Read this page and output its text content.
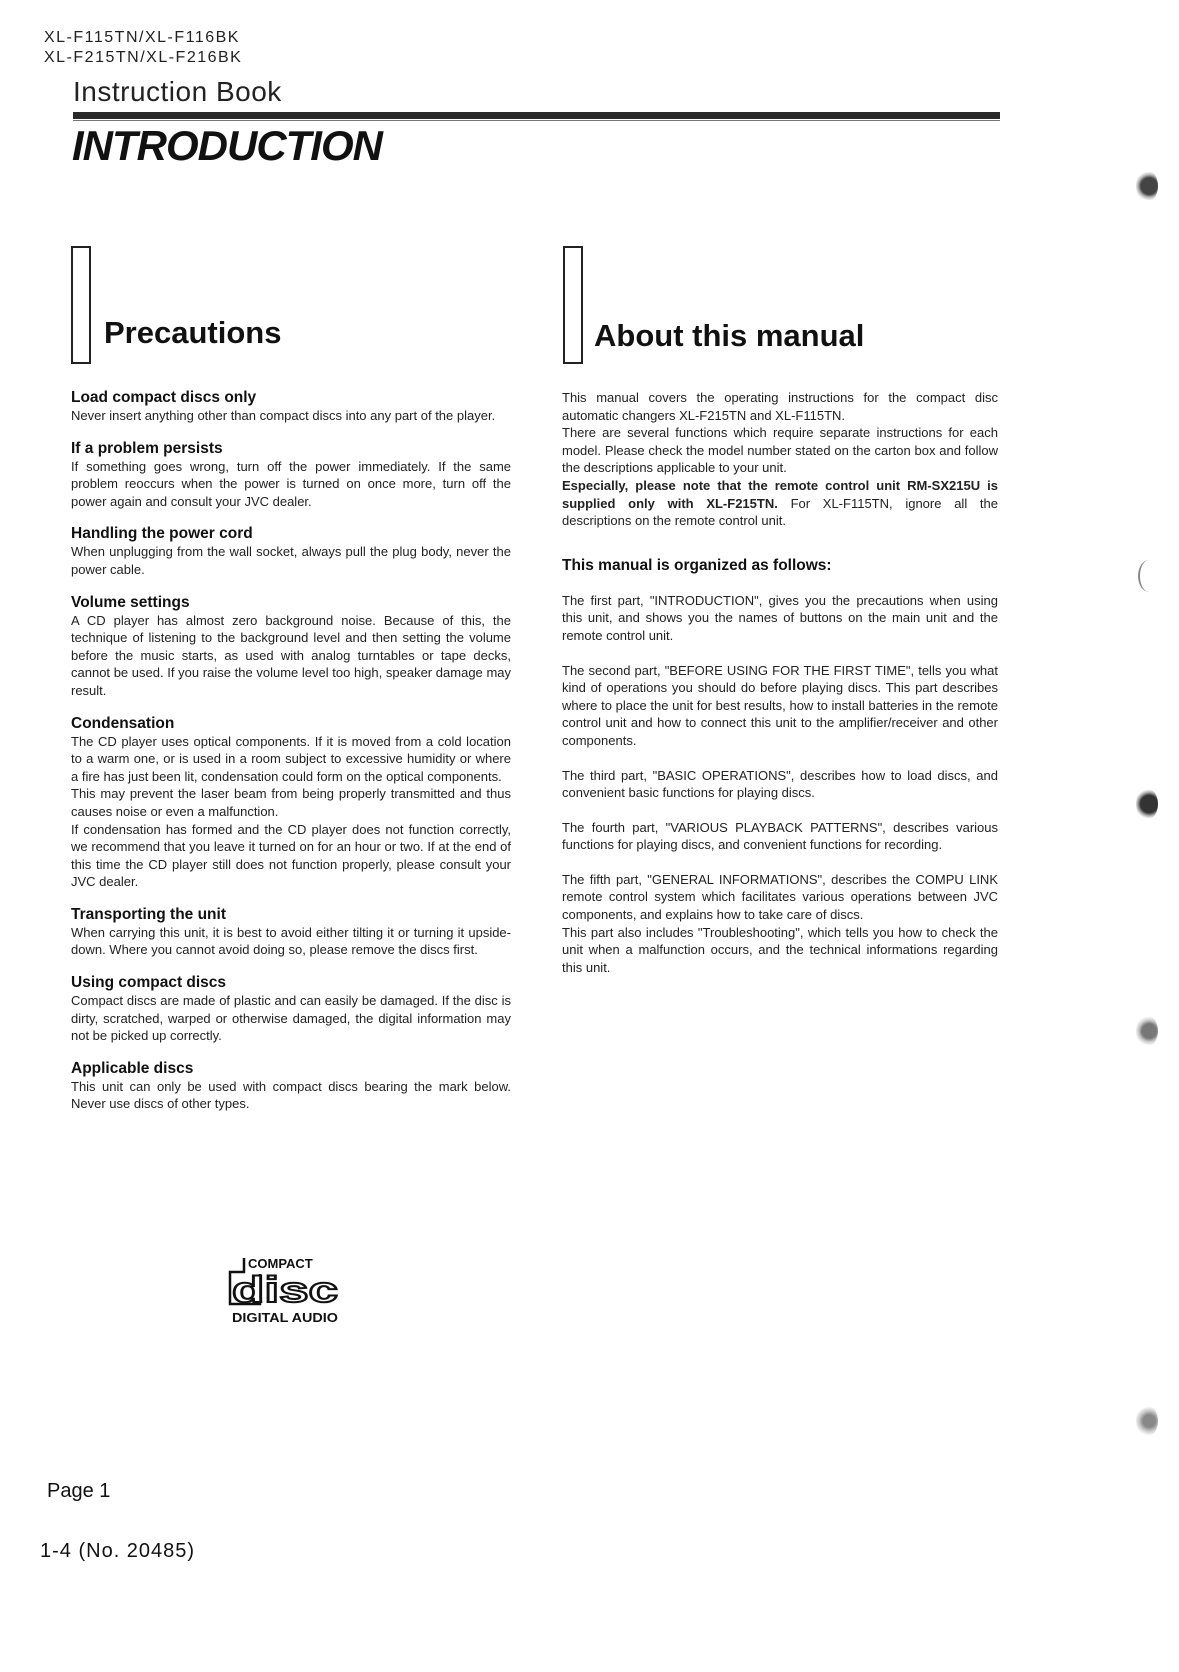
XL-F115TN/XL-F116BK
XL-F215TN/XL-F216BK
Instruction Book
INTRODUCTION
Precautions	About this manual
Load compact discs only

Never insert anything other than compact discs into any part of the player.

If a problem persists

If something goes wrong, turn off the power immediately. If the same problem reoccurs when the power is turned on once more, turn off the power again and consult your JVC dealer.

Handling the power cord

When unplugging from the wall socket, always pull the plug body, never the power cable.

Volume settings

A CD player has almost zero background noise. Because of this, the technique of listening to the background level and then setting the volume before the music starts, as used with analog turntables or tape decks, cannot be used. If you raise the volume level too high, speaker damage may result.

Condensation

The CD player uses optical components. If it is moved from a cold location to a warm one, or is used in a room subject to excessive humidity or where a fire has just been lit, condensation could form on the optical components.

This may prevent the laser beam from being properly transmitted and thus causes noise or even a malfunction.

If condensation has formed and the CD player does not function correctly, we recommend that you leave it turned on for an hour or two. If at the end of this time the CD player still does not function properly, please consult your JVC dealer.

Transporting the unit

When carrying this unit, it is best to avoid either tilting it or turning it upside-down. Where you cannot avoid doing so, please remove the discs first.

Using compact discs

Compact discs are made of plastic and can easily be damaged. If the disc is dirty, scratched, warped or otherwise damaged, the digital information may not be picked up correctly.

Applicable discs

This unit can only be used with compact discs bearing the mark below. Never use discs of other types.

COMPACT
disc
DIGITAL AUDIO

This manual covers the operating instructions for the compact disc automatic changers XL-F215TN and XL-F115TN.
There are several functions which require separate instructions for each model. Please check the model number stated on the carton box and follow the descriptions applicable to your unit.
Especially, please note that the remote control unit RM-SX215U is supplied only with XL-F215TN. For XL-F115TN, ignore all the descriptions on the remote control unit.

This manual is organized as follows:

The first part, "INTRODUCTION", gives you the precautions when using this unit, and shows you the names of buttons on the main unit and the remote control unit.

The second part, "BEFORE USING FOR THE FIRST TIME", tells you what kind of operations you should do before playing discs. This part describes where to place the unit for best results, how to install batteries in the remote control unit and how to connect this unit to the amplifier/receiver and other components.

The third part, "BASIC OPERATIONS", describes how to load discs, and convenient basic functions for playing discs.

The fourth part, "VARIOUS PLAYBACK PATTERNS", describes various functions for playing discs, and convenient functions for recording.

The fifth part, "GENERAL INFORMATIONS", describes the COMPU LINK remote control system which facilitates various operations between JVC components, and explains how to take care of discs.
This part also includes "Troubleshooting", which tells you how to check the unit when a malfunction occurs, and the technical informations regarding this unit.

Page 1
1-4 (No. 20485)
